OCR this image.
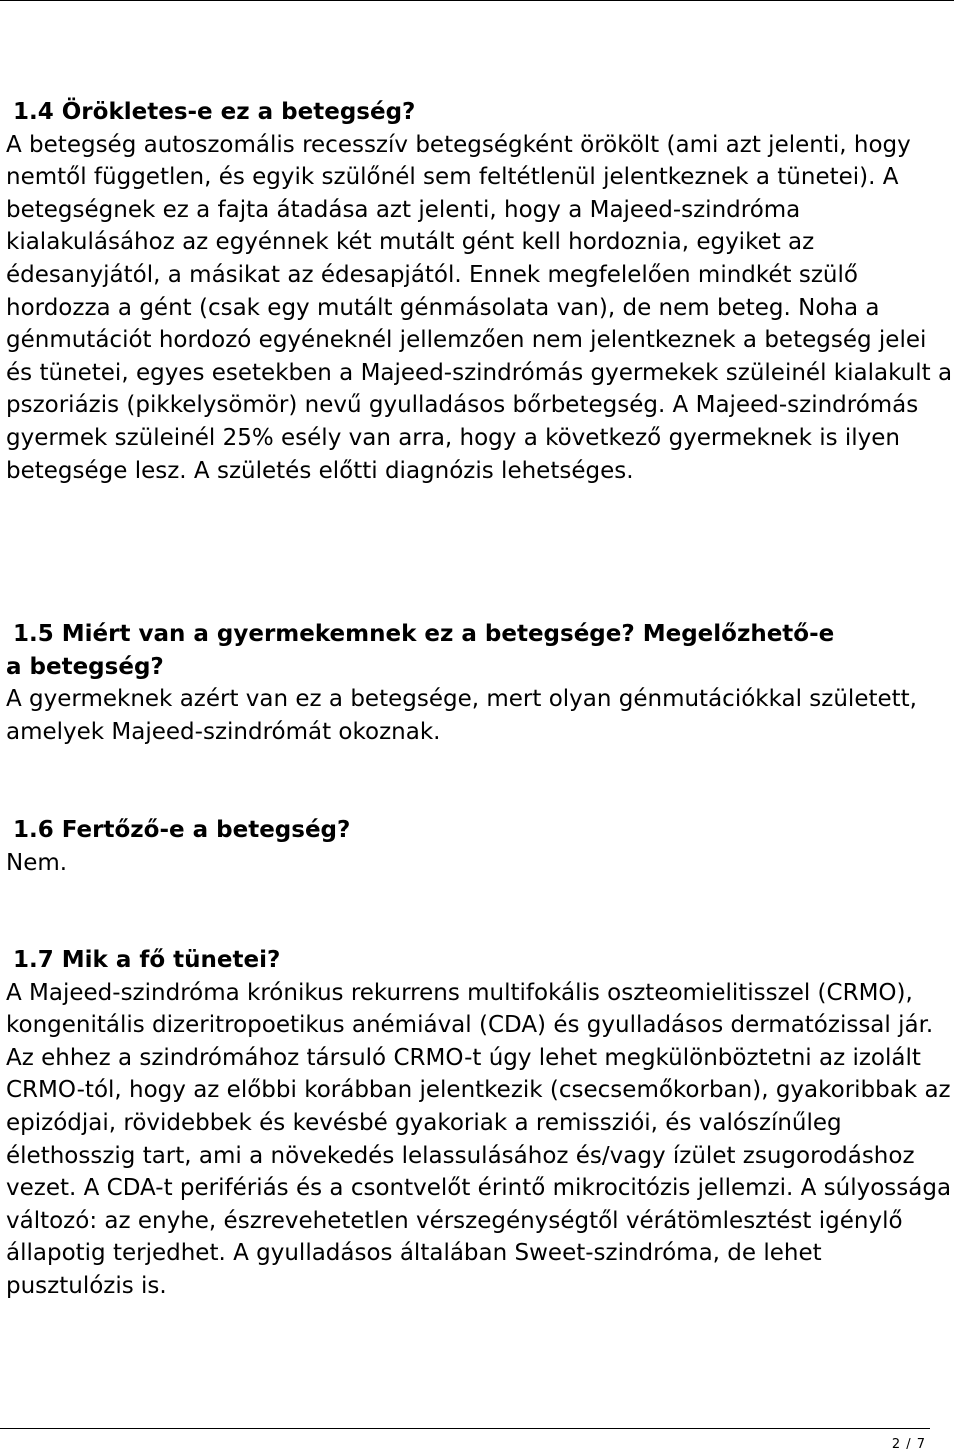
1.4 Örökletes-e ez a betegség?
A betegség autoszomális recesszív betegségként örökölt (ami azt jelenti, hogy nemtől független, és egyik szülőnél sem feltétlenül jelentkeznek a tünetei). A betegségnek ez a fajta átadása azt jelenti, hogy a Majeed-szindróma kialakulásához az egyénnek két mutált gént kell hordoznia, egyiket az édesanyjától, a másikat az édesapjától. Ennek megfelelően mindkét szülő hordozza a gént (csak egy mutált génmásolata van), de nem beteg. Noha a génmutációt hordozó egyéneknél jellemzően nem jelentkeznek a betegség jelei és tünetei, egyes esetekben a Majeed-szindrómás gyermekek szüleinél kialakult a pszoriázis (pikkelysömör) nevű gyulladásos bőrbetegség. A Majeed-szindrómás gyermek szüleinél 25% esély van arra, hogy a következő gyermeknek is ilyen betegsége lesz. A születés előtti diagnózis lehetséges.
1.5 Miért van a gyermekemnek ez a betegsége? Megelőzhető-e
a betegség?
A gyermeknek azért van ez a betegsége, mert olyan génmutációkkal született, amelyek Majeed-szindrómát okoznak.
1.6 Fertőző-e a betegség?
Nem.
1.7 Mik a fő tünetei?
A Majeed-szindróma krónikus rekurrens multifokális oszteomielitisszel (CRMO), kongenitális dizeritropoetikus anémiával (CDA) és gyulladásos dermatózissal jár. Az ehhez a szindrómához társuló CRMO-t úgy lehet megkülönböztetni az izolált CRMO-tól, hogy az előbbi korábban jelentkezik (csecsemőkorban), gyakoribbak az epizódjai, rövidebbek és kevésbé gyakoriak a remissziói, és valószínűleg élethosszig tart, ami a növekedés lelassulásához és/vagy ízület zsugorodáshoz vezet. A CDA-t perifériás és a csontvelőt érintő mikrocitózis jellemzi. A súlyossága változó: az enyhe, észrevehetetlen vérszegénységtől vérátömlesztést igénylő állapotig terjedhet. A gyulladásos általában Sweet-szindróma, de lehet pusztulózis is.
2 / 7
